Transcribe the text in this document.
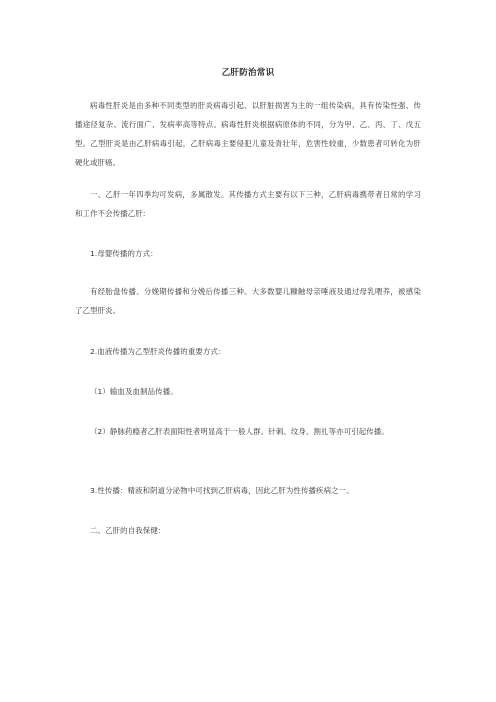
乙肝防治常识

病毒性肝炎是由多种不同类型的肝炎病毒引起、以肝脏损害为主的一组传染病，具有传染性强、传播途径复杂、流行面广、发病率高等特点。病毒性肝炎根据病原体的不同，分为甲、乙、丙、丁、戊五型。乙型肝炎是由乙肝病毒引起，乙肝病毒主要侵犯儿童及青壮年，危害性较重，少数患者可转化为肝硬化或肝癌。

一、乙肝一年四季均可发病，多属散发。其传播方式主要有以下三种，乙肝病毒携带者日常的学习和工作不会传播乙肝:

1.母婴传播的方式：

有经胎盘传播、分娩期传播和分娩后传播三种。大多数婴儿糠触母亲唾液及通过母乳喂养，被感染了乙型肝炎。

2.血液传播为乙型肝炎传播的重要方式：

（1）输血及血制品传播。

（2）静脉药瘾者乙肝表面阳性者明显高于一般人群。针刺、纹身、割扎等亦可引起传播。

3.性传播：精液和阴道分泌物中可找到乙肝病毒，因此乙肝为性传播疾病之一。

二、乙肝的自我保健：
